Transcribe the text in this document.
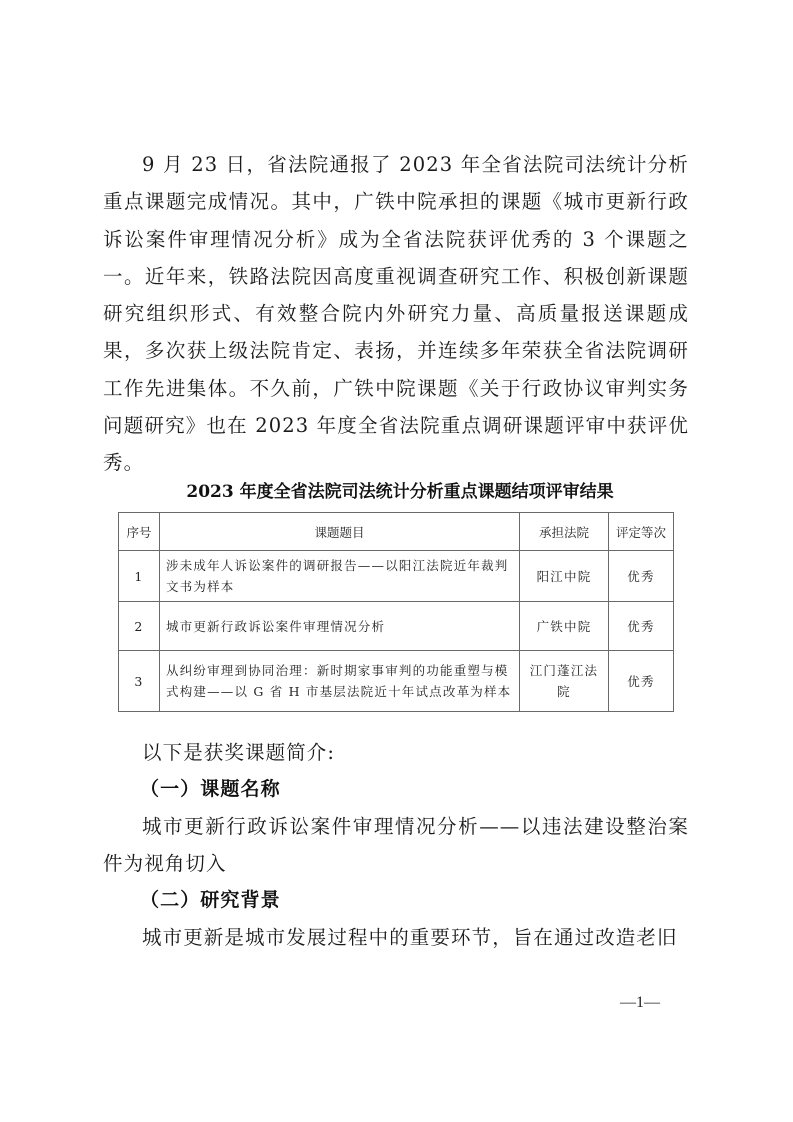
9 月 23 日，省法院通报了 2023 年全省法院司法统计分析重点课题完成情况。其中，广铁中院承担的课题《城市更新行政诉讼案件审理情况分析》成为全省法院获评优秀的 3 个课题之一。近年来，铁路法院因高度重视调查研究工作、积极创新课题研究组织形式、有效整合院内外研究力量、高质量报送课题成果，多次获上级法院肯定、表扬，并连续多年荣获全省法院调研工作先进集体。不久前，广铁中院课题《关于行政协议审判实务问题研究》也在 2023 年度全省法院重点调研课题评审中获评优秀。

2023 年度全省法院司法统计分析重点课题结项评审结果
序号	课题题目	承担法院	评定等次
1	涉未成年人诉讼案件的调研报告——以阳江法院近年裁判文书为样本	阳江中院	优秀
2	城市更新行政诉讼案件审理情况分析	广铁中院	优秀
3	从纠纷审理到协同治理：新时期家事审判的功能重塑与模式构建——以 G 省 H 市基层法院近十年试点改革为样本	江门蓬江法院	优秀

以下是获奖课题简介:

（一）课题名称

城市更新行政诉讼案件审理情况分析——以违法建设整治案件为视角切入

（二）研究背景

城市更新是城市发展过程中的重要环节，旨在通过改造老旧

—1—
